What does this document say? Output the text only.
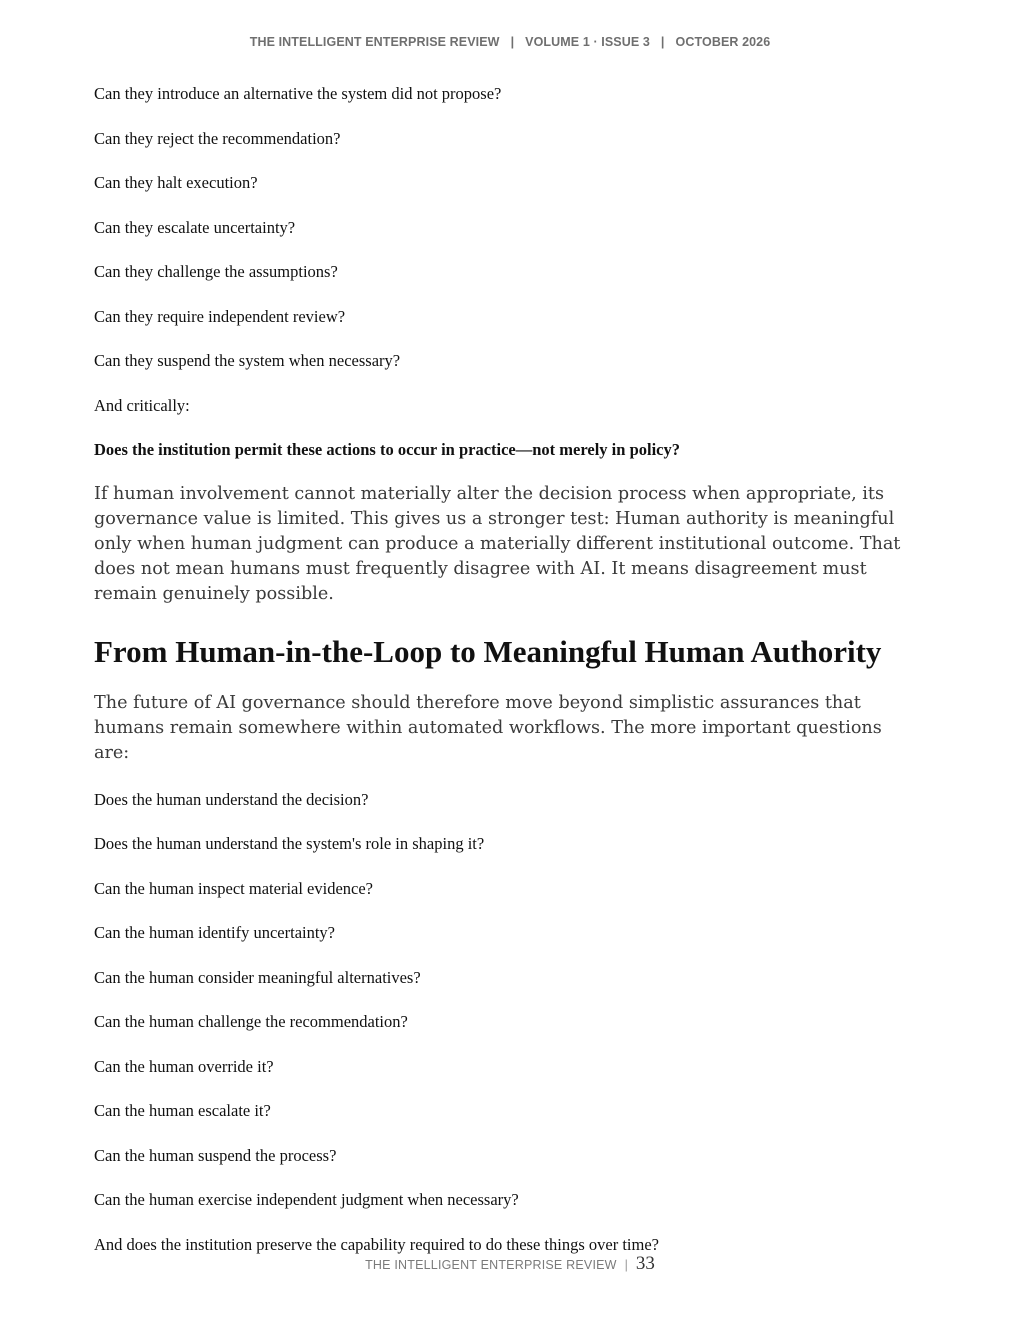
THE INTELLIGENT ENTERPRISE REVIEW | VOLUME 1 · ISSUE 3 | OCTOBER 2026

Can they introduce an alternative the system did not propose?

Can they reject the recommendation?

Can they halt execution?

Can they escalate uncertainty?

Can they challenge the assumptions?

Can they require independent review?

Can they suspend the system when necessary?

And critically:

Does the institution permit these actions to occur in practice—not merely in policy?

If human involvement cannot materially alter the decision process when appropriate, its governance value is limited. This gives us a stronger test: Human authority is meaningful only when human judgment can produce a materially different institutional outcome. That does not mean humans must frequently disagree with AI. It means disagreement must remain genuinely possible.

From Human-in-the-Loop to Meaningful Human Authority

The future of AI governance should therefore move beyond simplistic assurances that humans remain somewhere within automated workflows. The more important questions are:

Does the human understand the decision?

Does the human understand the system's role in shaping it?

Can the human inspect material evidence?

Can the human identify uncertainty?

Can the human consider meaningful alternatives?

Can the human challenge the recommendation?

Can the human override it?

Can the human escalate it?

Can the human suspend the process?

Can the human exercise independent judgment when necessary?

And does the institution preserve the capability required to do these things over time?

THE INTELLIGENT ENTERPRISE REVIEW | 33
